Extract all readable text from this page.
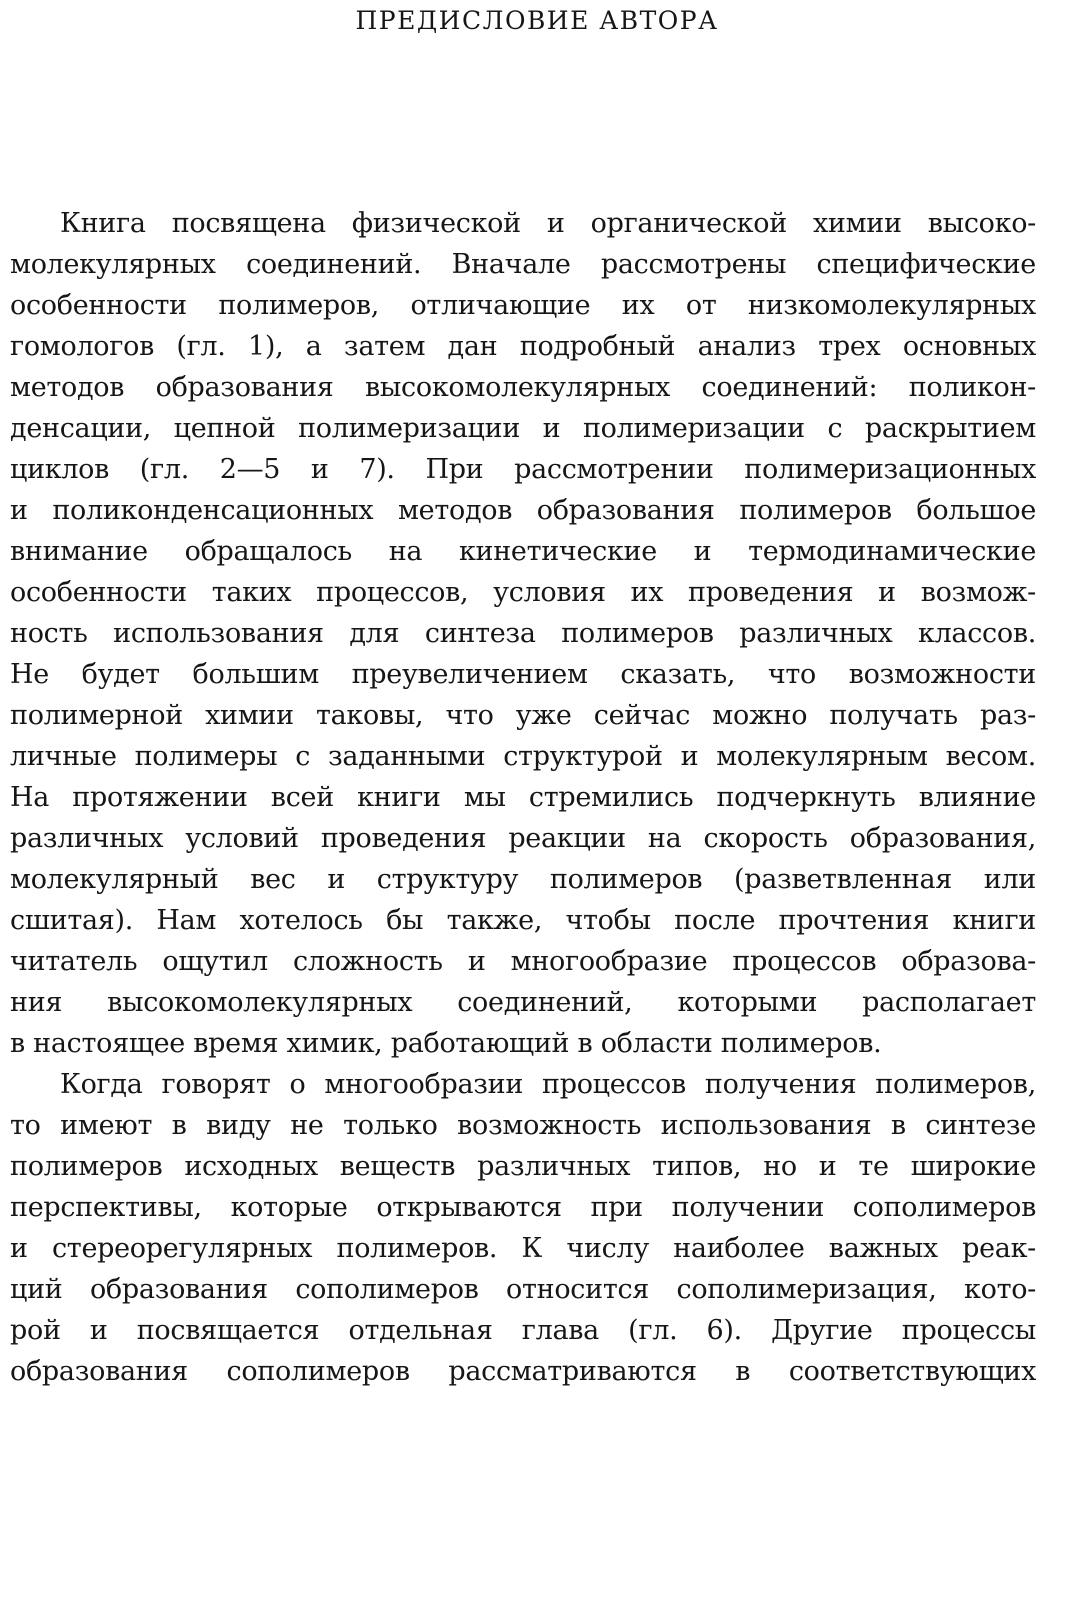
ПРЕДИСЛОВИЕ АВТОРА
Книга посвящена физической и органической химии высоко-
молекулярных соединений. Вначале рассмотрены специфические
особенности полимеров, отличающие их от низкомолекулярных
гомологов (гл. 1), а затем дан подробный анализ трех основных
методов образования высокомолекулярных соединений: поликон-
денсации, цепной полимеризации и полимеризации с раскрытием
циклов (гл. 2—5 и 7). При рассмотрении полимеризационных
и поликонденсационных методов образования полимеров большое
внимание обращалось на кинетические и термодинамические
особенности таких процессов, условия их проведения и возмож-
ность использования для синтеза полимеров различных классов.
Не будет большим преувеличением сказать, что возможности
полимерной химии таковы, что уже сейчас можно получать раз-
личные полимеры с заданными структурой и молекулярным весом.
На протяжении всей книги мы стремились подчеркнуть влияние
различных условий проведения реакции на скорость образования,
молекулярный вес и структуру полимеров (разветвленная или
сшитая). Нам хотелось бы также, чтобы после прочтения книги
читатель ощутил сложность и многообразие процессов образова-
ния высокомолекулярных соединений, которыми располагает
в настоящее время химик, работающий в области полимеров.
Когда говорят о многообразии процессов получения полимеров,
то имеют в виду не только возможность использования в синтезе
полимеров исходных веществ различных типов, но и те широкие
перспективы, которые открываются при получении сополимеров
и стереорегулярных полимеров. К числу наиболее важных реак-
ций образования сополимеров относится сополимеризация, кото-
рой и посвящается отдельная глава (гл. 6). Другие процессы
образования сополимеров рассматриваются в соответствующих
